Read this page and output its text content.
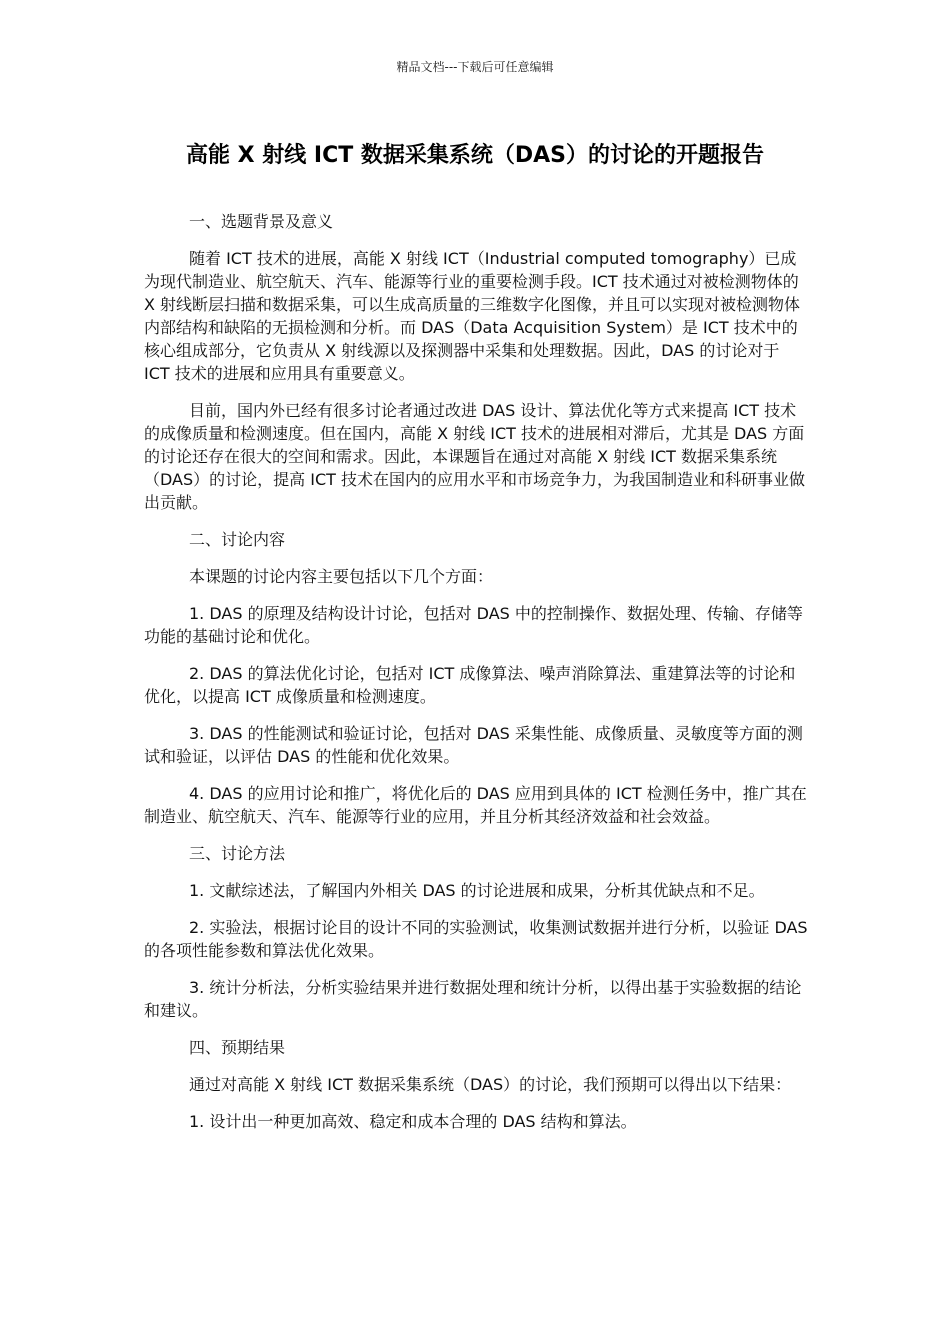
精品文档---下载后可任意编辑
高能 X 射线 ICT 数据采集系统（DAS）的讨论的开题报告

一、选题背景及意义

随着 ICT 技术的进展，高能 X 射线 ICT（Industrial computed tomography）已成为现代制造业、航空航天、汽车、能源等行业的重要检测手段。ICT 技术通过对被检测物体的 X 射线断层扫描和数据采集，可以生成高质量的三维数字化图像，并且可以实现对被检测物体内部结构和缺陷的无损检测和分析。而 DAS（Data Acquisition System）是 ICT 技术中的核心组成部分，它负责从 X 射线源以及探测器中采集和处理数据。因此，DAS 的讨论对于 ICT 技术的进展和应用具有重要意义。

目前，国内外已经有很多讨论者通过改进 DAS 设计、算法优化等方式来提高 ICT 技术的成像质量和检测速度。但在国内，高能 X 射线 ICT 技术的进展相对滞后，尤其是 DAS 方面的讨论还存在很大的空间和需求。因此，本课题旨在通过对高能 X 射线 ICT 数据采集系统（DAS）的讨论，提高 ICT 技术在国内的应用水平和市场竞争力，为我国制造业和科研事业做出贡献。

二、讨论内容

本课题的讨论内容主要包括以下几个方面：

1. DAS 的原理及结构设计讨论，包括对 DAS 中的控制操作、数据处理、传输、存储等功能的基础讨论和优化。

2. DAS 的算法优化讨论，包括对 ICT 成像算法、噪声消除算法、重建算法等的讨论和优化，以提高 ICT 成像质量和检测速度。

3. DAS 的性能测试和验证讨论，包括对 DAS 采集性能、成像质量、灵敏度等方面的测试和验证，以评估 DAS 的性能和优化效果。

4. DAS 的应用讨论和推广，将优化后的 DAS 应用到具体的 ICT 检测任务中，推广其在制造业、航空航天、汽车、能源等行业的应用，并且分析其经济效益和社会效益。

三、讨论方法

1. 文献综述法，了解国内外相关 DAS 的讨论进展和成果，分析其优缺点和不足。

2. 实验法，根据讨论目的设计不同的实验测试，收集测试数据并进行分析，以验证 DAS 的各项性能参数和算法优化效果。

3. 统计分析法，分析实验结果并进行数据处理和统计分析，以得出基于实验数据的结论和建议。

四、预期结果

通过对高能 X 射线 ICT 数据采集系统（DAS）的讨论，我们预期可以得出以下结果：

1. 设计出一种更加高效、稳定和成本合理的 DAS 结构和算法。
